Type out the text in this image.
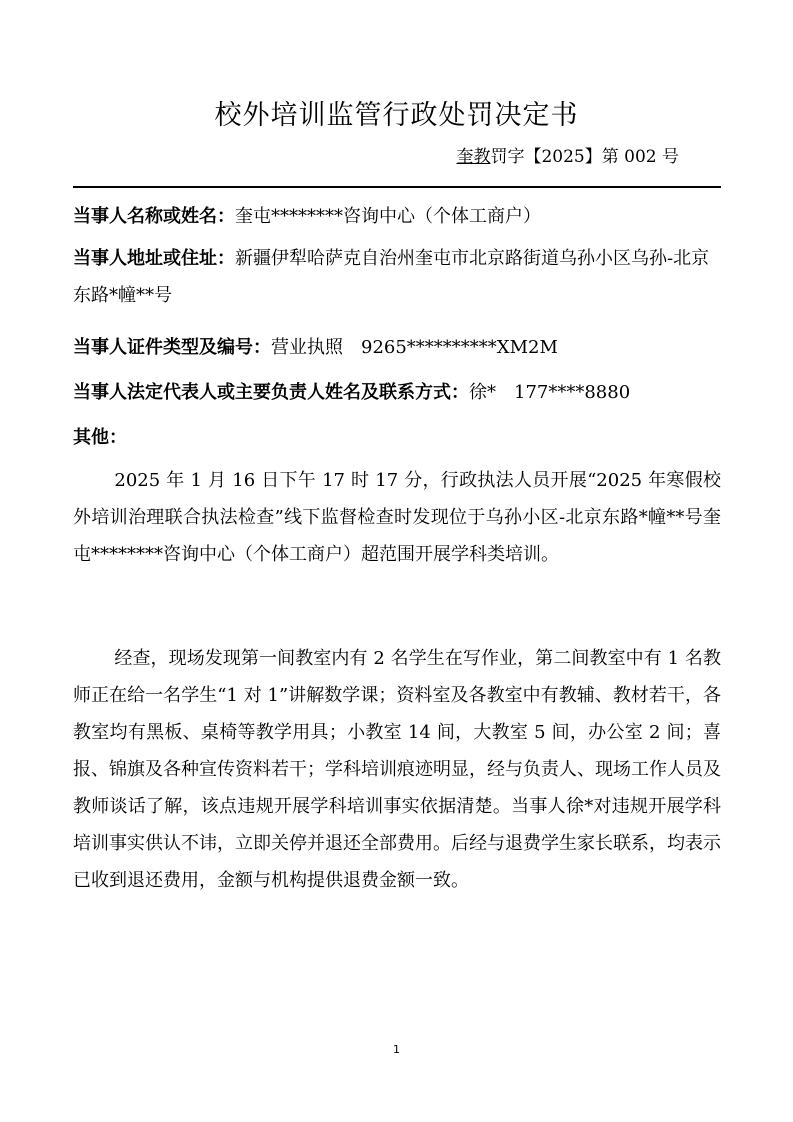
校外培训监管行政处罚决定书
奎教罚字【2025】第 002 号
当事人名称或姓名：奎屯********咨询中心（个体工商户）
当事人地址或住址：新疆伊犁哈萨克自治州奎屯市北京路街道乌孙小区乌孙-北京东路*幢**号
当事人证件类型及编号：营业执照　9265**********XM2M
当事人法定代表人或主要负责人姓名及联系方式：徐*　177****8880
其他：

2025 年 1 月 16 日下午 17 时 17 分，行政执法人员开展“2025 年寒假校外培训治理联合执法检查”线下监督检查时发现位于乌孙小区-北京东路*幢**号奎屯********咨询中心（个体工商户）超范围开展学科类培训。

经查，现场发现第一间教室内有 2 名学生在写作业，第二间教室中有 1 名教师正在给一名学生“1 对 1”讲解数学课；资料室及各教室中有教辅、教材若干，各教室均有黑板、桌椅等教学用具；小教室 14 间，大教室 5 间，办公室 2 间；喜报、锦旗及各种宣传资料若干；学科培训痕迹明显，经与负责人、现场工作人员及教师谈话了解，该点违规开展学科培训事实依据清楚。当事人徐*对违规开展学科培训事实供认不讳，立即关停并退还全部费用。后经与退费学生家长联系，均表示已收到退还费用，金额与机构提供退费金额一致。

1
